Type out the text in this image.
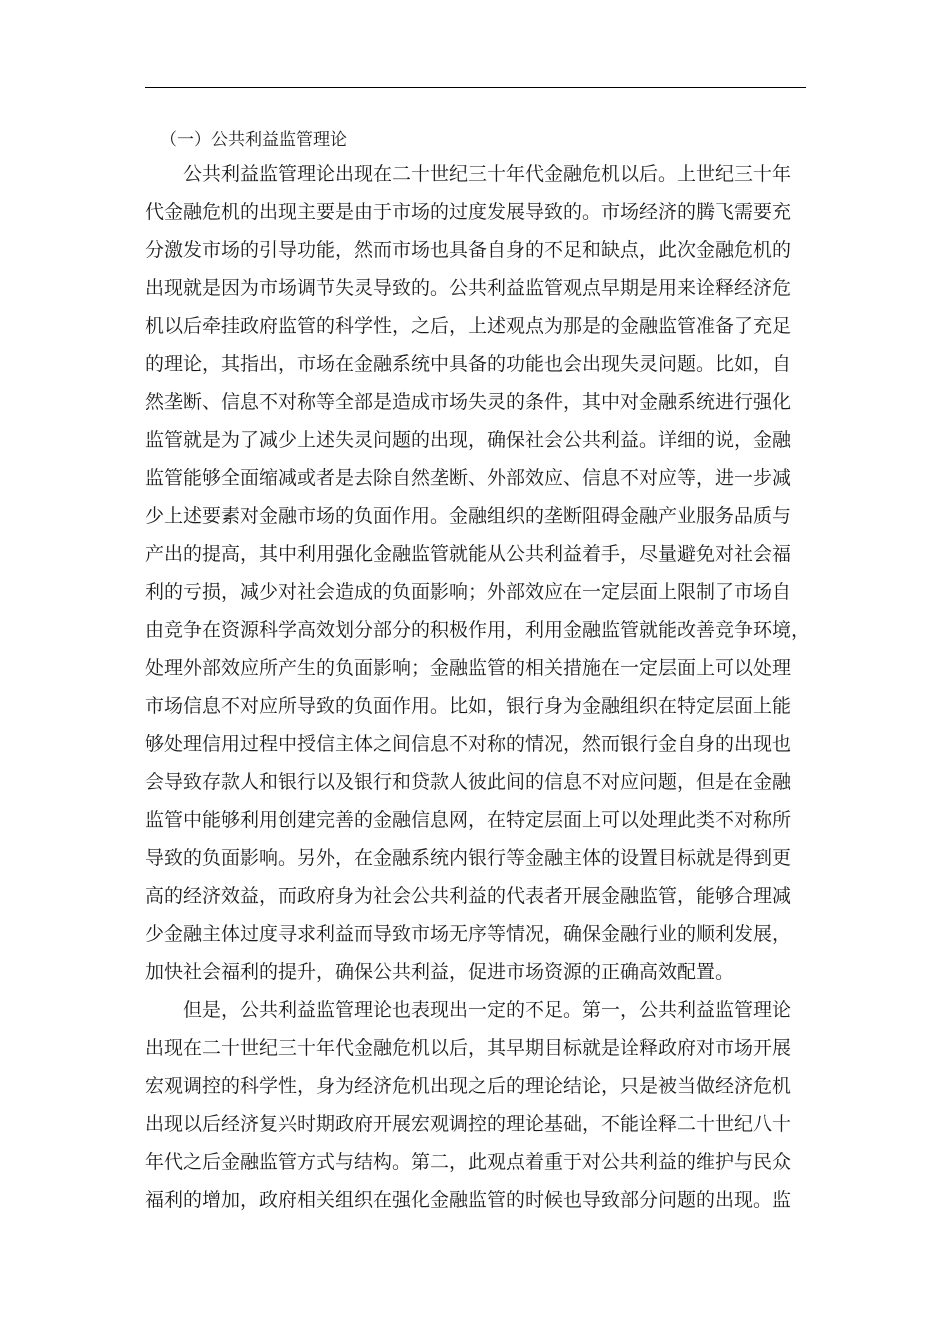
（一）公共利益监管理论

公共利益监管理论出现在二十世纪三十年代金融危机以后。上世纪三十年

代金融危机的出现主要是由于市场的过度发展导致的。市场经济的腾飞需要充

分激发市场的引导功能，然而市场也具备自身的不足和缺点，此次金融危机的

出现就是因为市场调节失灵导致的。公共利益监管观点早期是用来诠释经济危

机以后牵挂政府监管的科学性，之后，上述观点为那是的金融监管准备了充足

的理论，其指出，市场在金融系统中具备的功能也会出现失灵问题。比如，自

然垄断、信息不对称等全部是造成市场失灵的条件，其中对金融系统进行强化

监管就是为了减少上述失灵问题的出现，确保社会公共利益。详细的说，金融

监管能够全面缩减或者是去除自然垄断、外部效应、信息不对应等，进一步减

少上述要素对金融市场的负面作用。金融组织的垄断阻碍金融产业服务品质与

产出的提高，其中利用强化金融监管就能从公共利益着手，尽量避免对社会福

利的亏损，减少对社会造成的负面影响；外部效应在一定层面上限制了市场自

由竞争在资源科学高效划分部分的积极作用，利用金融监管就能改善竞争环境，

处理外部效应所产生的负面影响；金融监管的相关措施在一定层面上可以处理

市场信息不对应所导致的负面作用。比如，银行身为金融组织在特定层面上能

够处理信用过程中授信主体之间信息不对称的情况，然而银行金自身的出现也

会导致存款人和银行以及银行和贷款人彼此间的信息不对应问题，但是在金融

监管中能够利用创建完善的金融信息网，在特定层面上可以处理此类不对称所

导致的负面影响。另外，在金融系统内银行等金融主体的设置目标就是得到更

高的经济效益，而政府身为社会公共利益的代表者开展金融监管，能够合理减

少金融主体过度寻求利益而导致市场无序等情况，确保金融行业的顺利发展，

加快社会福利的提升，确保公共利益，促进市场资源的正确高效配置。

但是，公共利益监管理论也表现出一定的不足。第一，公共利益监管理论

出现在二十世纪三十年代金融危机以后，其早期目标就是诠释政府对市场开展

宏观调控的科学性，身为经济危机出现之后的理论结论，只是被当做经济危机

出现以后经济复兴时期政府开展宏观调控的理论基础，不能诠释二十世纪八十

年代之后金融监管方式与结构。第二，此观点着重于对公共利益的维护与民众

福利的增加，政府相关组织在强化金融监管的时候也导致部分问题的出现。监
